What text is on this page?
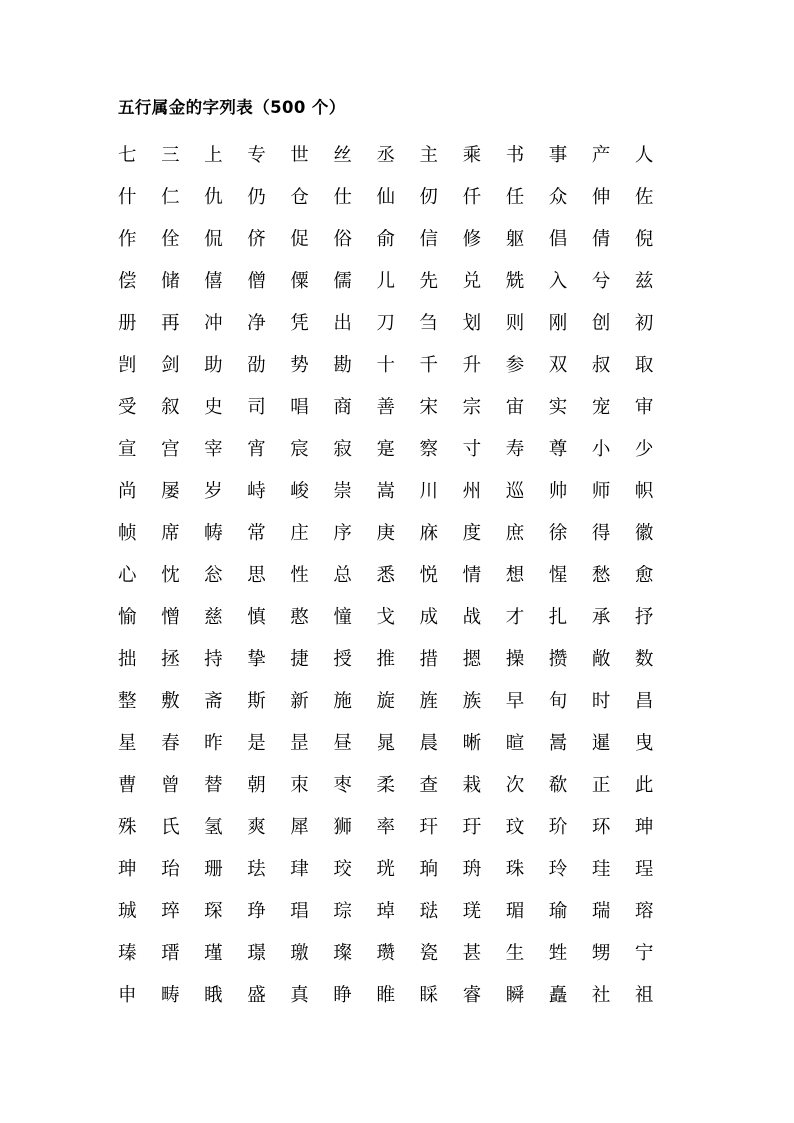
五行属金的字列表（500 个）
七	三	上	专	世	丝	丞	主	乘	书	事	产	人
什	仁	仇	仍	仓	仕	仙	仞	仟	任	众	伸	佐
作	佺	侃	侪	促	俗	俞	信	修	躯	倡	倩	倪
偿	储	僖	僧	僳	儒	儿	先	兑	兟	入	兮	兹
册	再	冲	净	凭	出	刀	刍	划	则	刚	创	初
剀	剑	助	劭	势	勘	十	千	升	参	双	叔	取
受	叙	史	司	唱	商	善	宋	宗	宙	实	宠	审
宣	宫	宰	宵	宸	寂	寔	察	寸	寿	尊	小	少
尚	屡	岁	峙	峻	崇	嵩	川	州	巡	帅	师	帜
帧	席	帱	常	庄	序	庚	庥	度	庶	徐	得	徽
心	忱	忩	思	性	总	悉	悦	情	想	惺	愁	愈
愉	憎	慈	慎	憨	憧	戈	成	战	才	扎	承	抒
拙	拯	持	挚	捷	授	推	措	摁	操	攒	敞	数
整	敷	斋	斯	新	施	旋	旌	族	早	旬	时	昌
星	春	昨	是	昰	昼	晁	晨	晰	暄	暠	暹	曳
曹	曾	替	朝	朿	枣	柔	查	栽	次	欷	正	此
殊	氏	氢	爽	犀	狮	率	玕	玗	玟	玠	环	珅
珅	珆	珊	珐	珒	珓	珖	珦	珘	珠	玲	珪	珵
珹	琗	琛	琤	琩	琮	琸	琺	琷	瑂	瑜	瑞	瑢
瑧	瑨	瑾	璟	璬	璨	瓒	瓷	甚	生	甡	甥	宁
申	畴	睋	盛	真	睁	睢	睬	睿	瞬	矗	社	祖
